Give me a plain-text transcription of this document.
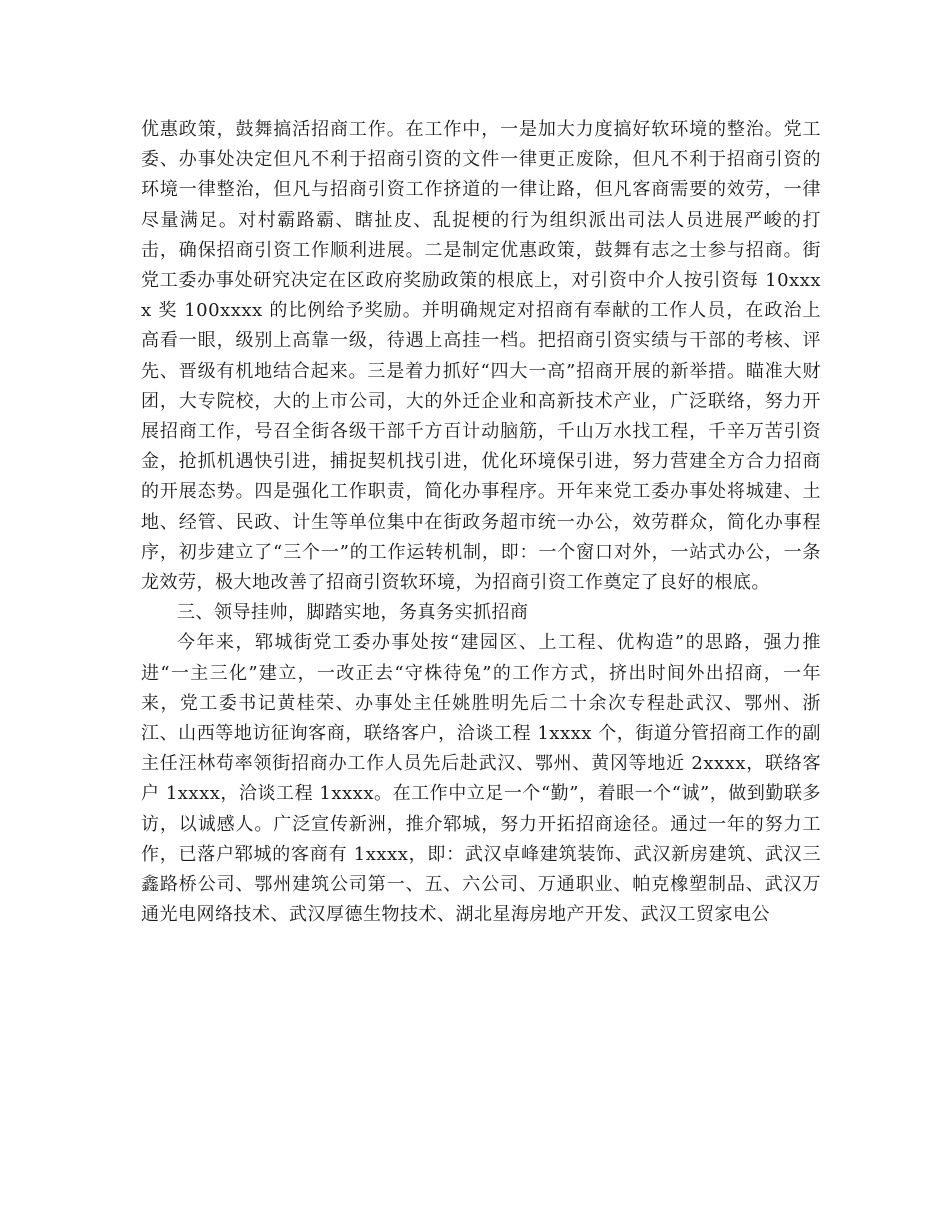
优惠政策，鼓舞搞活招商工作。在工作中，一是加大力度搞好软环境的整治。党工委、办事处决定但凡不利于招商引资的文件一律更正废除，但凡不利于招商引资的环境一律整治，但凡与招商引资工作挤道的一律让路，但凡客商需要的效劳，一律尽量满足。对村霸路霸、瞎扯皮、乱捉梗的行为组织派出司法人员进展严峻的打击，确保招商引资工作顺利进展。二是制定优惠政策，鼓舞有志之士参与招商。街党工委办事处研究决定在区政府奖励政策的根底上，对引资中介人按引资每 10xxxx 奖 100xxxx 的比例给予奖励。并明确规定对招商有奉献的工作人员，在政治上高看一眼，级别上高靠一级，待遇上高挂一档。把招商引资实绩与干部的考核、评先、晋级有机地结合起来。三是着力抓好“四大一高”招商开展的新举措。瞄准大财团，大专院校，大的上市公司，大的外迁企业和高新技术产业，广泛联络，努力开展招商工作，号召全街各级干部千方百计动脑筋，千山万水找工程，千辛万苦引资金，抢抓机遇快引进，捕捉契机找引进，优化环境保引进，努力营建全方合力招商的开展态势。四是强化工作职责，简化办事程序。开年来党工委办事处将城建、土地、经管、民政、计生等单位集中在街政务超市统一办公，效劳群众，简化办事程序，初步建立了“三个一”的工作运转机制，即：一个窗口对外，一站式办公，一条龙效劳，极大地改善了招商引资软环境，为招商引资工作奠定了良好的根底。

三、领导挂帅，脚踏实地，务真务实抓招商

今年来，郓城街党工委办事处按“建园区、上工程、优构造”的思路，强力推进“一主三化”建立，一改正去“守株待兔”的工作方式，挤出时间外出招商，一年来，党工委书记黄桂荣、办事处主任姚胜明先后二十余次专程赴武汉、鄂州、浙江、山西等地访征询客商，联络客户，洽谈工程 1xxxx 个，街道分管招商工作的副主任汪林苟率领街招商办工作人员先后赴武汉、鄂州、黄冈等地近 2xxxx，联络客户 1xxxx，洽谈工程 1xxxx。在工作中立足一个“勤”，着眼一个“诚”，做到勤联多访，以诚感人。广泛宣传新洲，推介郓城，努力开拓招商途径。通过一年的努力工作，已落户郓城的客商有 1xxxx，即：武汉卓峰建筑装饰、武汉新房建筑、武汉三鑫路桥公司、鄂州建筑公司第一、五、六公司、万通职业、帕克橡塑制品、武汉万通光电网络技术、武汉厚德生物技术、湖北星海房地产开发、武汉工贸家电公
